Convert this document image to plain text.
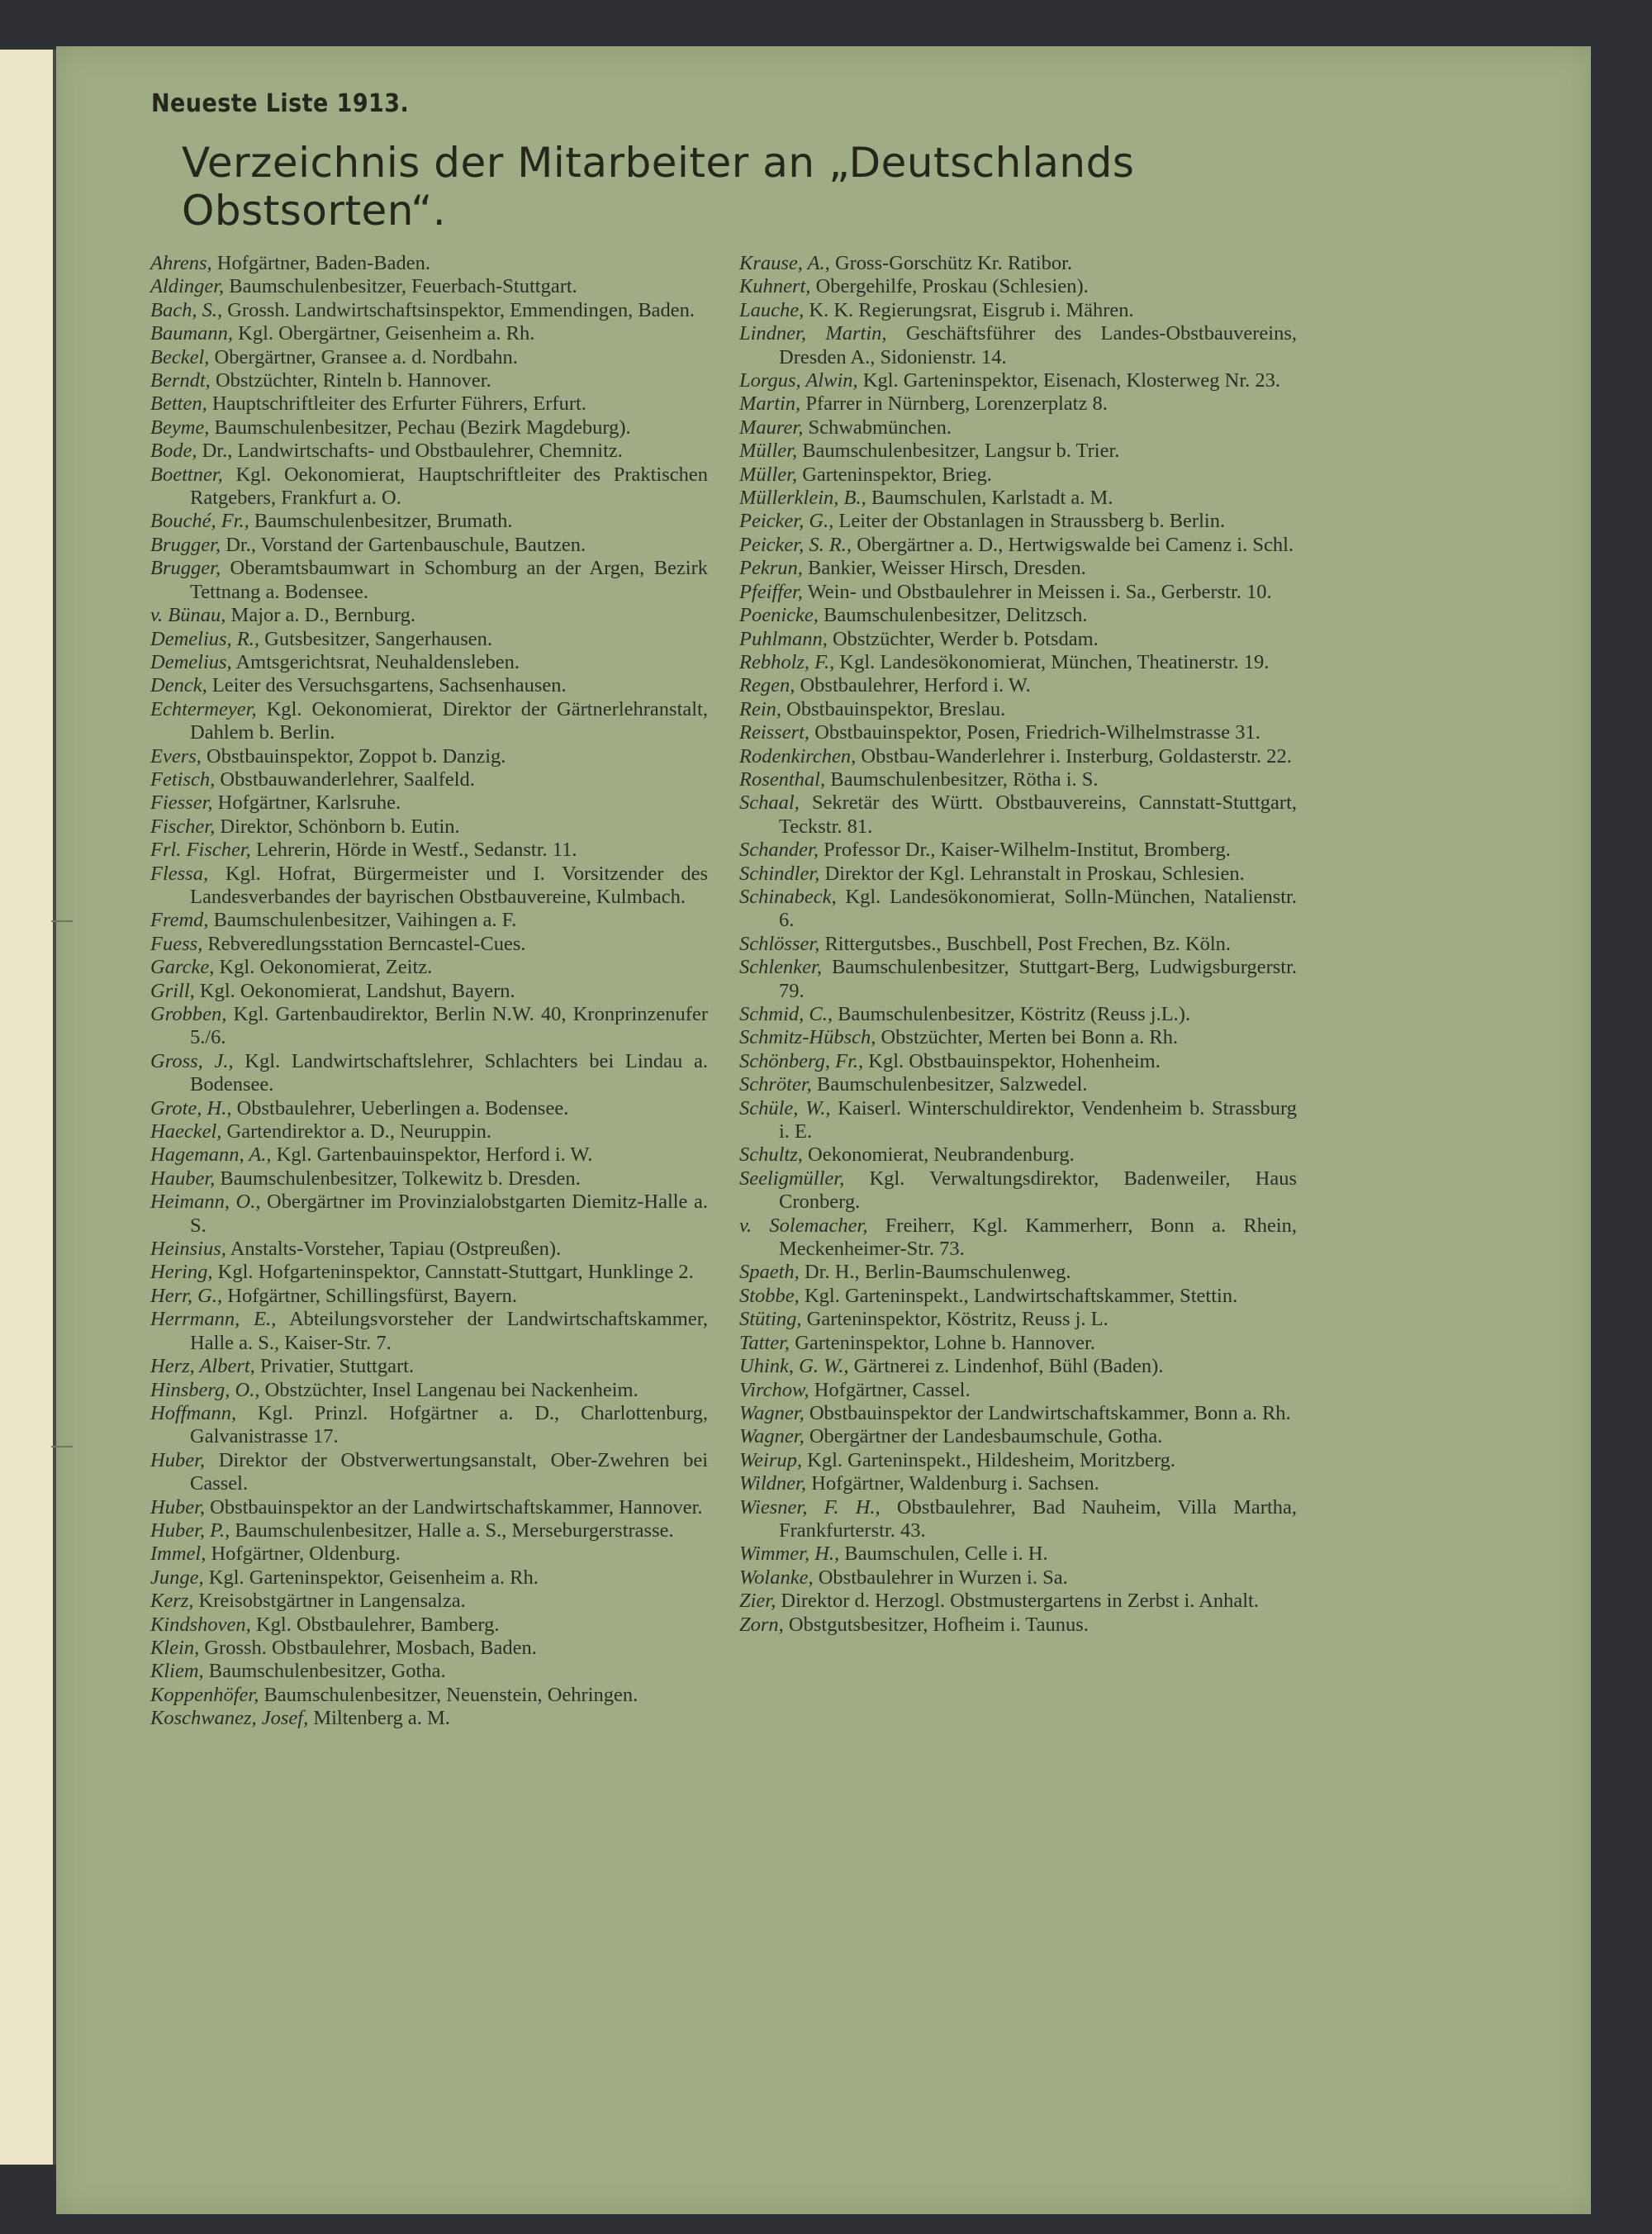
Neueste Liste 1913.

Verzeichnis der Mitarbeiter an „Deutschlands Obstsorten“.

Ahrens, Hofgärtner, Baden-Baden.

Aldinger, Baumschulenbesitzer, Feuerbach-Stuttgart.

Bach, S., Grossh. Landwirtschaftsinspektor, Emmendingen, Baden.

Baumann, Kgl. Obergärtner, Geisenheim a. Rh.

Beckel, Obergärtner, Gransee a. d. Nordbahn.

Berndt, Obstzüchter, Rinteln b. Hannover.

Betten, Hauptschriftleiter des Erfurter Führers, Erfurt.

Beyme, Baumschulenbesitzer, Pechau (Bezirk Magdeburg).

Bode, Dr., Landwirtschafts- und Obstbaulehrer, Chemnitz.

Boettner, Kgl. Oekonomierat, Hauptschriftleiter des Praktischen Ratgebers, Frankfurt a. O.

Bouché, Fr., Baumschulenbesitzer, Brumath.

Brugger, Dr., Vorstand der Gartenbauschule, Bautzen.

Brugger, Oberamtsbaumwart in Schomburg an der Argen, Bezirk Tettnang a. Bodensee.

v. Bünau, Major a. D., Bernburg.

Demelius, R., Gutsbesitzer, Sangerhausen.

Demelius, Amtsgerichtsrat, Neuhaldensleben.

Denck, Leiter des Versuchsgartens, Sachsenhausen.

Echtermeyer, Kgl. Oekonomierat, Direktor der Gärtnerlehranstalt, Dahlem b. Berlin.

Evers, Obstbauinspektor, Zoppot b. Danzig.

Fetisch, Obstbauwanderlehrer, Saalfeld.

Fiesser, Hofgärtner, Karlsruhe.

Fischer, Direktor, Schönborn b. Eutin.

Frl. Fischer, Lehrerin, Hörde in Westf., Sedanstr. 11.

Flessa, Kgl. Hofrat, Bürgermeister und I. Vorsitzender des Landesverbandes der bayrischen Obstbauvereine, Kulmbach.

Fremd, Baumschulenbesitzer, Vaihingen a. F.

Fuess, Rebveredlungsstation Berncastel-Cues.

Garcke, Kgl. Oekonomierat, Zeitz.

Grill, Kgl. Oekonomierat, Landshut, Bayern.

Grobben, Kgl. Gartenbaudirektor, Berlin N.W. 40, Kronprinzenufer 5./6.

Gross, J., Kgl. Landwirtschaftslehrer, Schlachters bei Lindau a. Bodensee.

Grote, H., Obstbaulehrer, Ueberlingen a. Bodensee.

Haeckel, Gartendirektor a. D., Neuruppin.

Hagemann, A., Kgl. Gartenbauinspektor, Herford i. W.

Hauber, Baumschulenbesitzer, Tolkewitz b. Dresden.

Heimann, O., Obergärtner im Provinzialobstgarten Diemitz-Halle a. S.

Heinsius, Anstalts-Vorsteher, Tapiau (Ostpreußen).

Hering, Kgl. Hofgarteninspektor, Cannstatt-Stuttgart, Hunklinge 2.

Herr, G., Hofgärtner, Schillingsfürst, Bayern.

Herrmann, E., Abteilungsvorsteher der Landwirtschaftskammer, Halle a. S., Kaiser-Str. 7.

Herz, Albert, Privatier, Stuttgart.

Hinsberg, O., Obstzüchter, Insel Langenau bei Nackenheim.

Hoffmann, Kgl. Prinzl. Hofgärtner a. D., Charlottenburg, Galvanistrasse 17.

Huber, Direktor der Obstverwertungsanstalt, Ober-Zwehren bei Cassel.

Huber, Obstbauinspektor an der Landwirtschaftskammer, Hannover.

Huber, P., Baumschulenbesitzer, Halle a. S., Merseburgerstrasse.

Immel, Hofgärtner, Oldenburg.

Junge, Kgl. Garteninspektor, Geisenheim a. Rh.

Kerz, Kreisobstgärtner in Langensalza.

Kindshoven, Kgl. Obstbaulehrer, Bamberg.

Klein, Grossh. Obstbaulehrer, Mosbach, Baden.

Kliem, Baumschulenbesitzer, Gotha.

Koppenhöfer, Baumschulenbesitzer, Neuenstein, Oehringen.

Koschwanez, Josef, Miltenberg a. M.

Krause, A., Gross-Gorschütz Kr. Ratibor.

Kuhnert, Obergehilfe, Proskau (Schlesien).

Lauche, K. K. Regierungsrat, Eisgrub i. Mähren.

Lindner, Martin, Geschäftsführer des Landes-Obstbauvereins, Dresden A., Sidonienstr. 14.

Lorgus, Alwin, Kgl. Garteninspektor, Eisenach, Klosterweg Nr. 23.

Martin, Pfarrer in Nürnberg, Lorenzerplatz 8.

Maurer, Schwabmünchen.

Müller, Baumschulenbesitzer, Langsur b. Trier.

Müller, Garteninspektor, Brieg.

Müllerklein, B., Baumschulen, Karlstadt a. M.

Peicker, G., Leiter der Obstanlagen in Straussberg b. Berlin.

Peicker, S. R., Obergärtner a. D., Hertwigswalde bei Camenz i. Schl.

Pekrun, Bankier, Weisser Hirsch, Dresden.

Pfeiffer, Wein- und Obstbaulehrer in Meissen i. Sa., Gerberstr. 10.

Poenicke, Baumschulenbesitzer, Delitzsch.

Puhlmann, Obstzüchter, Werder b. Potsdam.

Rebholz, F., Kgl. Landesökonomierat, München, Theatinerstr. 19.

Regen, Obstbaulehrer, Herford i. W.

Rein, Obstbauinspektor, Breslau.

Reissert, Obstbauinspektor, Posen, Friedrich-Wilhelmstrasse 31.

Rodenkirchen, Obstbau-Wanderlehrer i. Insterburg, Goldasterstr. 22.

Rosenthal, Baumschulenbesitzer, Rötha i. S.

Schaal, Sekretär des Württ. Obstbauvereins, Cannstatt-Stuttgart, Teckstr. 81.

Schander, Professor Dr., Kaiser-Wilhelm-Institut, Bromberg.

Schindler, Direktor der Kgl. Lehranstalt in Proskau, Schlesien.

Schinabeck, Kgl. Landesökonomierat, Solln-München, Natalienstr. 6.

Schlösser, Rittergutsbes., Buschbell, Post Frechen, Bz. Köln.

Schlenker, Baumschulenbesitzer, Stuttgart-Berg, Ludwigsburgerstr. 79.

Schmid, C., Baumschulenbesitzer, Köstritz (Reuss j.L.).

Schmitz-Hübsch, Obstzüchter, Merten bei Bonn a. Rh.

Schönberg, Fr., Kgl. Obstbauinspektor, Hohenheim.

Schröter, Baumschulenbesitzer, Salzwedel.

Schüle, W., Kaiserl. Winterschuldirektor, Vendenheim b. Strassburg i. E.

Schultz, Oekonomierat, Neubrandenburg.

Seeligmüller, Kgl. Verwaltungsdirektor, Badenweiler, Haus Cronberg.

v. Solemacher, Freiherr, Kgl. Kammerherr, Bonn a. Rhein, Meckenheimer-Str. 73.

Spaeth, Dr. H., Berlin-Baumschulenweg.

Stobbe, Kgl. Garteninspekt., Landwirtschaftskammer, Stettin.

Stüting, Garteninspektor, Köstritz, Reuss j. L.

Tatter, Garteninspektor, Lohne b. Hannover.

Uhink, G. W., Gärtnerei z. Lindenhof, Bühl (Baden).

Virchow, Hofgärtner, Cassel.

Wagner, Obstbauinspektor der Landwirtschaftskammer, Bonn a. Rh.

Wagner, Obergärtner der Landesbaumschule, Gotha.

Weirup, Kgl. Garteninspekt., Hildesheim, Moritzberg.

Wildner, Hofgärtner, Waldenburg i. Sachsen.

Wiesner, F. H., Obstbaulehrer, Bad Nauheim, Villa Martha, Frankfurterstr. 43.

Wimmer, H., Baumschulen, Celle i. H.

Wolanke, Obstbaulehrer in Wurzen i. Sa.

Zier, Direktor d. Herzogl. Obstmustergartens in Zerbst i. Anhalt.

Zorn, Obstgutsbesitzer, Hofheim i. Taunus.
